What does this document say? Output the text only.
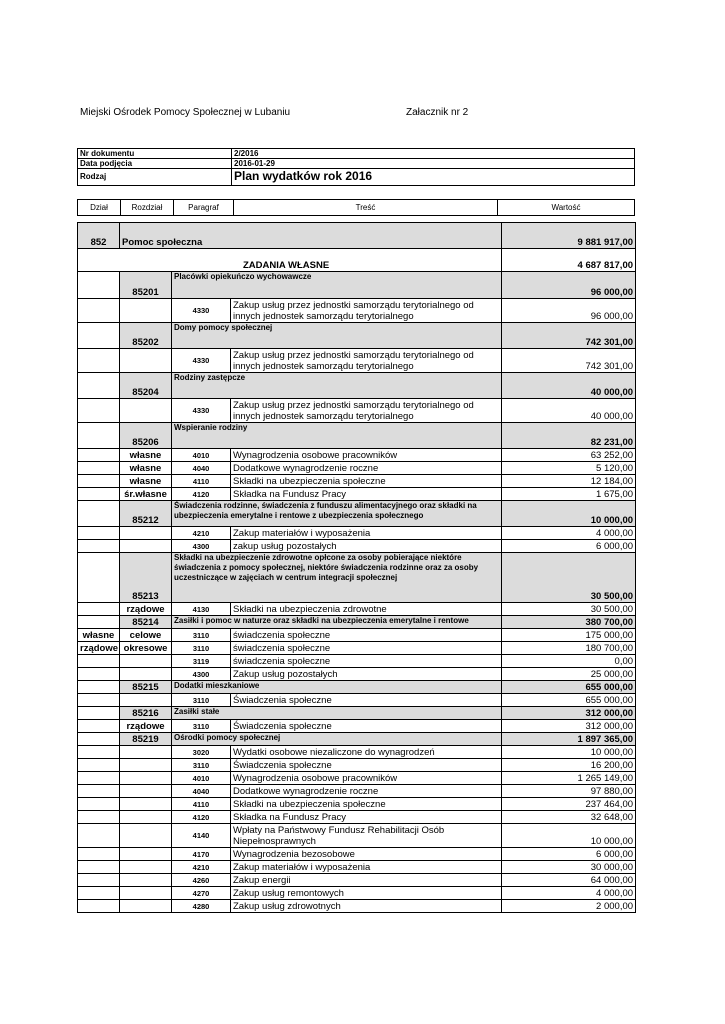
Miejski Ośrodek Pomocy Społecznej w Lubaniu	Załacznik nr 2
Nr dokumentu	2/2016
Data podjęcia	2016-01-29
Rodzaj	Plan wydatków rok 2016
Dział	Rozdział	Paragraf	Treść	Wartość
852	Pomoc społeczna			9 881 917,00
ZADANIA WŁASNE				4 687 817,00
	85201	Placówki opiekuńczo wychowawcze		96 000,00
		4330	Zakup usług przez jednostki samorządu terytorialnego od innych jednostek samorządu terytorialnego	96 000,00
	85202	Domy pomocy społecznej		742 301,00
		4330	Zakup usług przez jednostki samorządu terytorialnego od innych jednostek samorządu terytorialnego	742 301,00
	85204	Rodziny zastępcze		40 000,00
		4330	Zakup usług przez jednostki samorządu terytorialnego od innych jednostek samorządu terytorialnego	40 000,00
	85206	Wspieranie rodziny		82 231,00
	własne	4010	Wynagrodzenia osobowe pracowników	63 252,00
	własne	4040	Dodatkowe wynagrodzenie roczne	5 120,00
	własne	4110	Składki na ubezpieczenia społeczne	12 184,00
	śr.własne	4120	Składka na Fundusz Pracy	1 675,00
	85212	Świadczenia rodzinne, świadczenia z funduszu alimentacyjnego oraz składki na ubezpieczenia emerytalne i rentowe z ubezpieczenia społecznego		10 000,00
		4210	Zakup materiałów i wyposażenia	4 000,00
		4300	zakup usług pozostałych	6 000,00
	85213	Składki na ubezpieczenie zdrowotne opłcone za osoby pobierające niektóre świadczenia z pomocy społecznej, niektóre świadczenia rodzinne oraz za osoby uczestniczące w zajęciach w centrum integracji społecznej		30 500,00
	rządowe	4130	Składki na ubezpieczenia zdrowotne	30 500,00
	85214	Zasiłki i pomoc w naturze oraz składki na ubezpieczenia emerytalne i rentowe		380 700,00
własne	celowe	3110	świadczenia społeczne	175 000,00
rządowe	okresowe	3110	świadczenia społeczne	180 700,00
		3119	świadczenia społeczne	0,00
		4300	Zakup usług pozostałych	25 000,00
	85215	Dodatki mieszkaniowe		655 000,00
		3110	Świadczenia społeczne	655 000,00
	85216	Zasiłki stałe		312 000,00
	rządowe	3110	Świadczenia społeczne	312 000,00
	85219	Ośrodki pomocy społecznej		1 897 365,00
		3020	Wydatki osobowe niezaliczone do wynagrodzeń	10 000,00
		3110	Świadczenia społeczne	16 200,00
		4010	Wynagrodzenia osobowe pracowników	1 265 149,00
		4040	Dodatkowe wynagrodzenie roczne	97 880,00
		4110	Składki na ubezpieczenia społeczne	237 464,00
		4120	Składka na Fundusz Pracy	32 648,00
		4140	Wpłaty na Państwowy Fundusz Rehabilitacji Osób Niepełnosprawnych	10 000,00
		4170	Wynagrodzenia bezosobowe	6 000,00
		4210	Zakup materiałów i wyposażenia	30 000,00
		4260	Zakup energii	64 000,00
		4270	Zakup usług remontowych	4 000,00
		4280	Zakup usług zdrowotnych	2 000,00
